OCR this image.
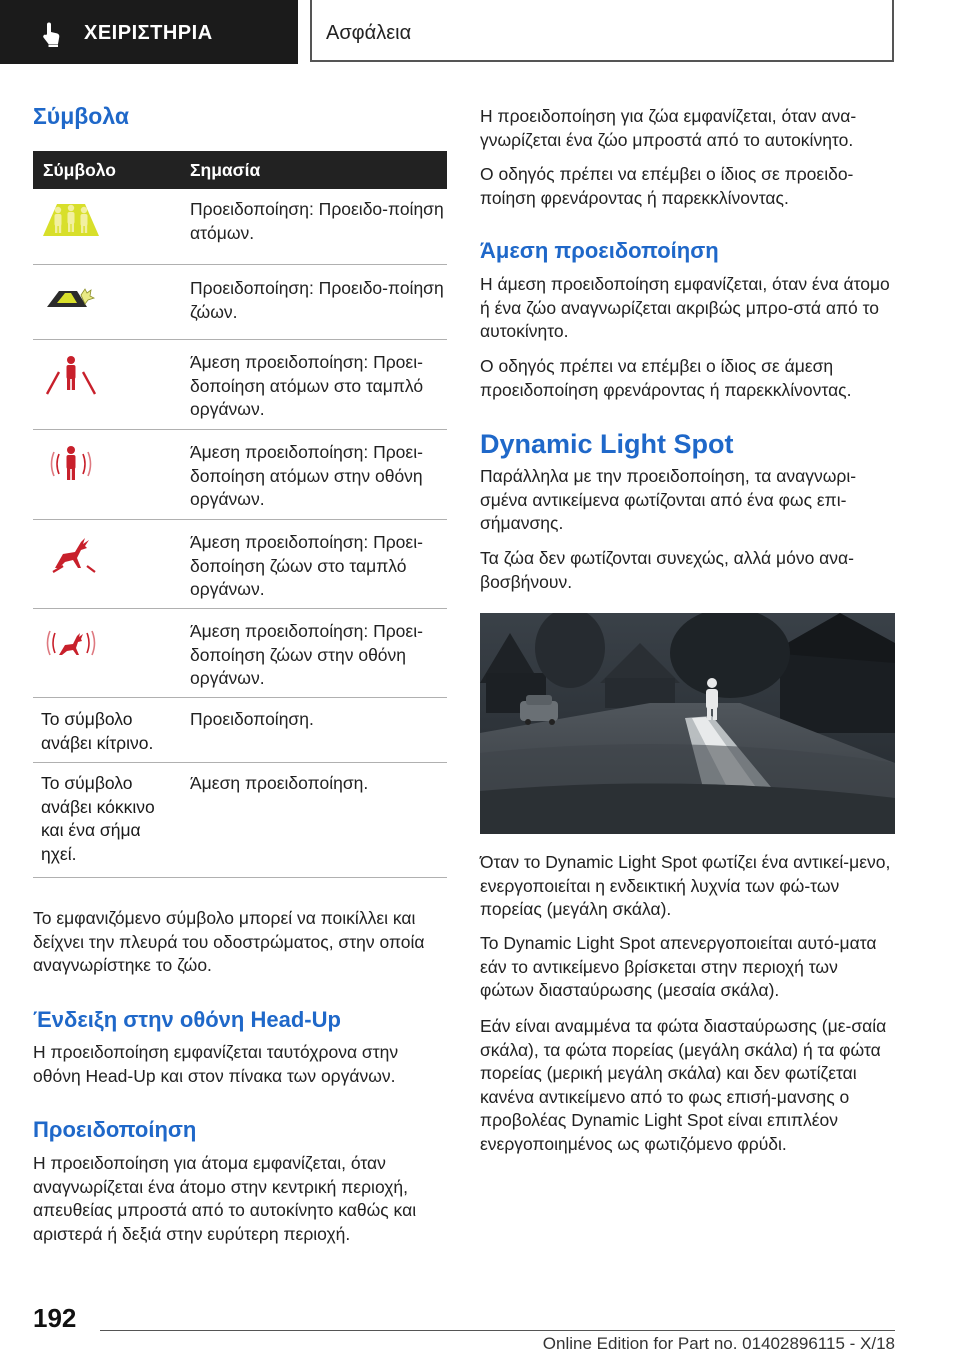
ΧΕΙΡΙΣΤΗΡΙΑ	Ασφάλεια
Σύμβολα
Σύμβολο	Σημασία
Προειδοποίηση: Προειδο-ποίηση ατόμων.
Προειδοποίηση: Προειδο-ποίηση ζώων.
Άμεση προειδοποίηση: Προει-δοποίηση ατόμων στο ταμπλό οργάνων.
Άμεση προειδοποίηση: Προει-δοποίηση ατόμων στην οθόνη οργάνων.
Άμεση προειδοποίηση: Προει-δοποίηση ζώων στο ταμπλό οργάνων.
Άμεση προειδοποίηση: Προει-δοποίηση ζώων στην οθόνη οργάνων.
Το σύμβολο ανάβει κίτρινο.
Προειδοποίηση.
Το σύμβολο ανάβει κόκκινο και ένα σήμα ηχεί.
Άμεση προειδοποίηση.

Το εμφανιζόμενο σύμβολο μπορεί να ποικίλλει και δείχνει την πλευρά του οδοστρώματος, στην οποία αναγνωρίστηκε το ζώο.

Ένδειξη στην οθόνη Head-Up

Η προειδοποίηση εμφανίζεται ταυτόχρονα στην οθόνη Head-Up και στον πίνακα των οργάνων.

Προειδοποίηση

Η προειδοποίηση για άτομα εμφανίζεται, όταν αναγνωρίζεται ένα άτομο στην κεντρική περιοχή, απευθείας μπροστά από το αυτοκίνητο καθώς και αριστερά ή δεξιά στην ευρύτερη περιοχή.

Η προειδοποίηση για ζώα εμφανίζεται, όταν ανα-γνωρίζεται ένα ζώο μπροστά από το αυτοκίνητο.

Ο οδηγός πρέπει να επέμβει ο ίδιος σε προειδο-ποίηση φρενάροντας ή παρεκκλίνοντας.

Άμεση προειδοποίηση

Η άμεση προειδοποίηση εμφανίζεται, όταν ένα άτομο ή ένα ζώο αναγνωρίζεται ακριβώς μπρο-στά από το αυτοκίνητο.

Ο οδηγός πρέπει να επέμβει ο ίδιος σε άμεση προειδοποίηση φρενάροντας ή παρεκκλίνοντας.

Dynamic Light Spot

Παράλληλα με την προειδοποίηση, τα αναγνωρι-σμένα αντικείμενα φωτίζονται από ένα φως επι-σήμανσης.

Τα ζώα δεν φωτίζονται συνεχώς, αλλά μόνο ανα-βοσβήνουν.

Όταν το Dynamic Light Spot φωτίζει ένα αντικεί-μενο, ενεργοποιείται η ενδεικτική λυχνία των φώ-των πορείας (μεγάλη σκάλα).

Το Dynamic Light Spot απενεργοποιείται αυτό-ματα εάν το αντικείμενο βρίσκεται στην περιοχή των φώτων διασταύρωσης (μεσαία σκάλα).

Εάν είναι αναμμένα τα φώτα διασταύρωσης (με-σαία σκάλα), τα φώτα πορείας (μεγάλη σκάλα) ή τα φώτα πορείας (μερική μεγάλη σκάλα) και δεν φωτίζεται κανένα αντικείμενο από το φως επισή-μανσης ο προβολέας Dynamic Light Spot είναι επιπλέον ενεργοποιημένος ως φωτιζόμενο φρύδι.

192
Online Edition for Part no. 01402896115 - X/18
